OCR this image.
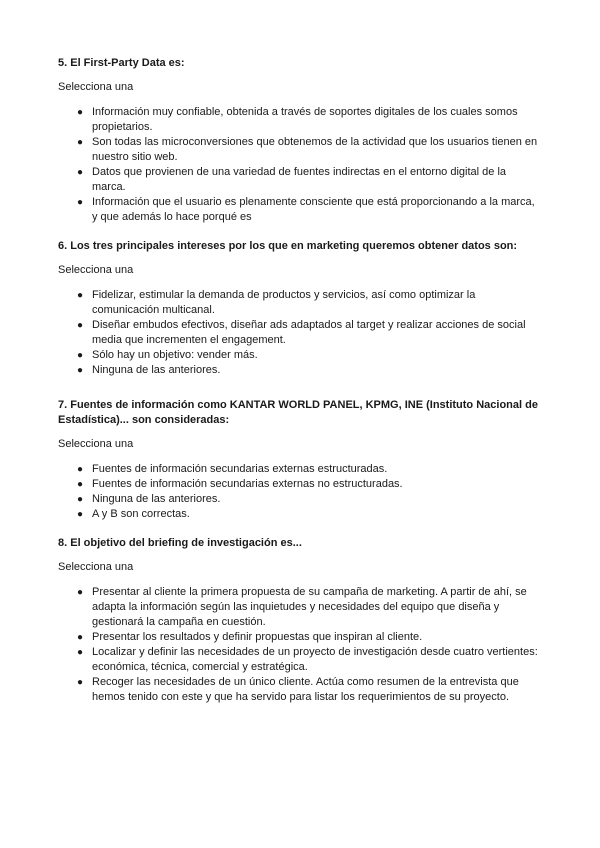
5. El First-Party Data es:
Selecciona una
● Información muy confiable, obtenida a través de soportes digitales de los cuales somos propietarios.
● Son todas las microconversiones que obtenemos de la actividad que los usuarios tienen en nuestro sitio web.
● Datos que provienen de una variedad de fuentes indirectas en el entorno digital de la marca.
● Información que el usuario es plenamente consciente que está proporcionando a la marca, y que además lo hace porqué es
6. Los tres principales intereses por los que en marketing queremos obtener datos son:
Selecciona una
● Fidelizar, estimular la demanda de productos y servicios, así como optimizar la comunicación multicanal.
● Diseñar embudos efectivos, diseñar ads adaptados al target y realizar acciones de social media que incrementen el engagement.
● Sólo hay un objetivo: vender más.
● Ninguna de las anteriores.
7. Fuentes de información como KANTAR WORLD PANEL, KPMG, INE (Instituto Nacional de Estadística)... son consideradas:
Selecciona una
● Fuentes de información secundarias externas estructuradas.
● Fuentes de información secundarias externas no estructuradas.
● Ninguna de las anteriores.
● A y B son correctas.
8. El objetivo del briefing de investigación es...
Selecciona una
● Presentar al cliente la primera propuesta de su campaña de marketing. A partir de ahí, se adapta la información según las inquietudes y necesidades del equipo que diseña y gestionará la campaña en cuestión.
● Presentar los resultados y definir propuestas que inspiran al cliente.
● Localizar y definir las necesidades de un proyecto de investigación desde cuatro vertientes: económica, técnica, comercial y estratégica.
● Recoger las necesidades de un único cliente. Actúa como resumen de la entrevista que hemos tenido con este y que ha servido para listar los requerimientos de su proyecto.
